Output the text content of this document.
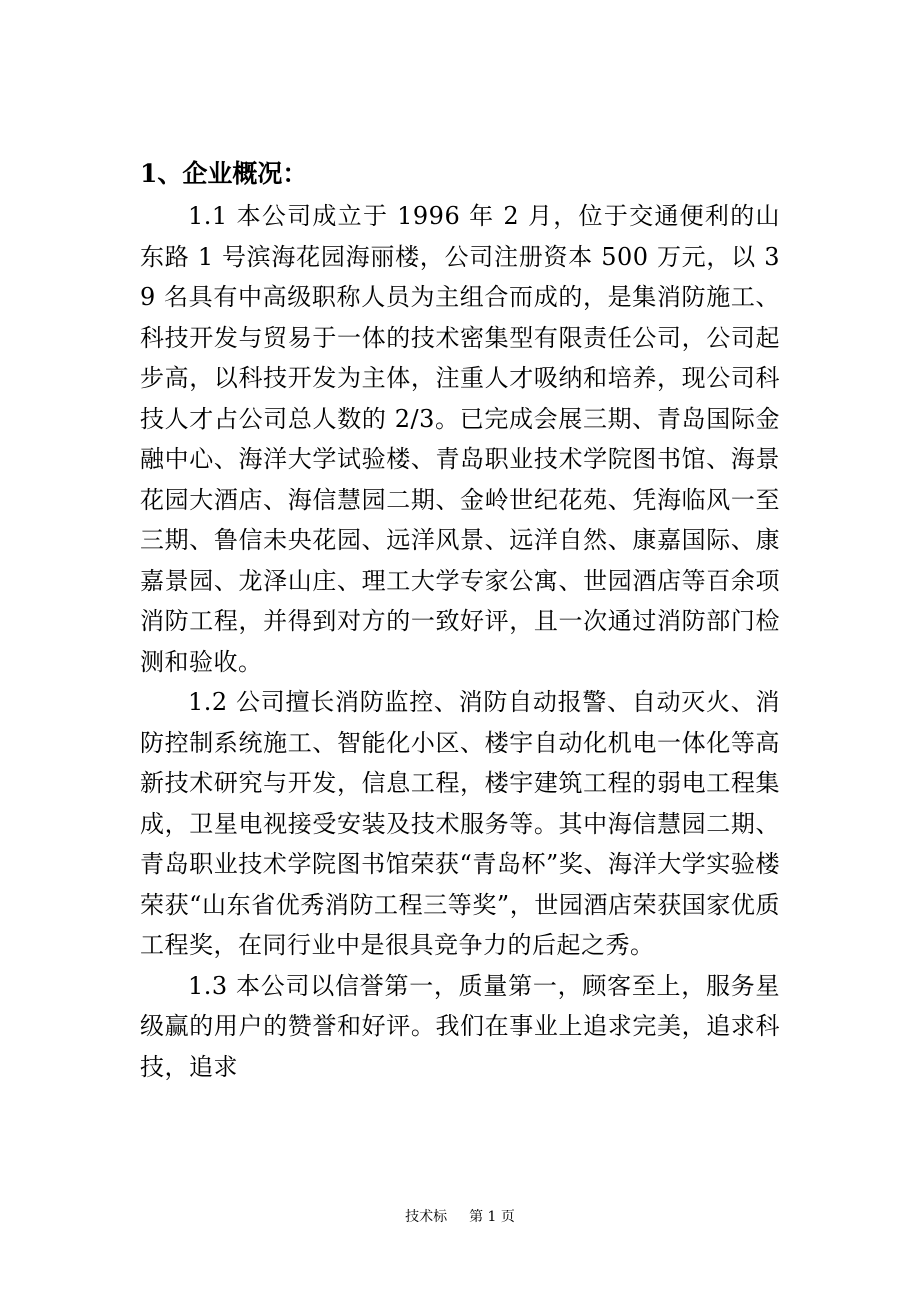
1、企业概况：

1.1 本公司成立于 1996 年 2 月，位于交通便利的山东路 1 号滨海花园海丽楼，公司注册资本 500 万元，以 39 名具有中高级职称人员为主组合而成的，是集消防施工、科技开发与贸易于一体的技术密集型有限责任公司，公司起步高，以科技开发为主体，注重人才吸纳和培养，现公司科技人才占公司总人数的 2/3。已完成会展三期、青岛国际金融中心、海洋大学试验楼、青岛职业技术学院图书馆、海景花园大酒店、海信慧园二期、金岭世纪花苑、凭海临风一至三期、鲁信未央花园、远洋风景、远洋自然、康嘉国际、康嘉景园、龙泽山庄、理工大学专家公寓、世园酒店等百余项消防工程，并得到对方的一致好评，且一次通过消防部门检测和验收。

1.2 公司擅长消防监控、消防自动报警、自动灭火、消防控制系统施工、智能化小区、楼宇自动化机电一体化等高新技术研究与开发，信息工程，楼宇建筑工程的弱电工程集成，卫星电视接受安装及技术服务等。其中海信慧园二期、青岛职业技术学院图书馆荣获“青岛杯”奖、海洋大学实验楼荣获“山东省优秀消防工程三等奖”，世园酒店荣获国家优质工程奖，在同行业中是很具竞争力的后起之秀。

1.3 本公司以信誉第一，质量第一，顾客至上，服务星级赢的用户的赞誉和好评。我们在事业上追求完美，追求科技，追求

技术标 第 1 页
